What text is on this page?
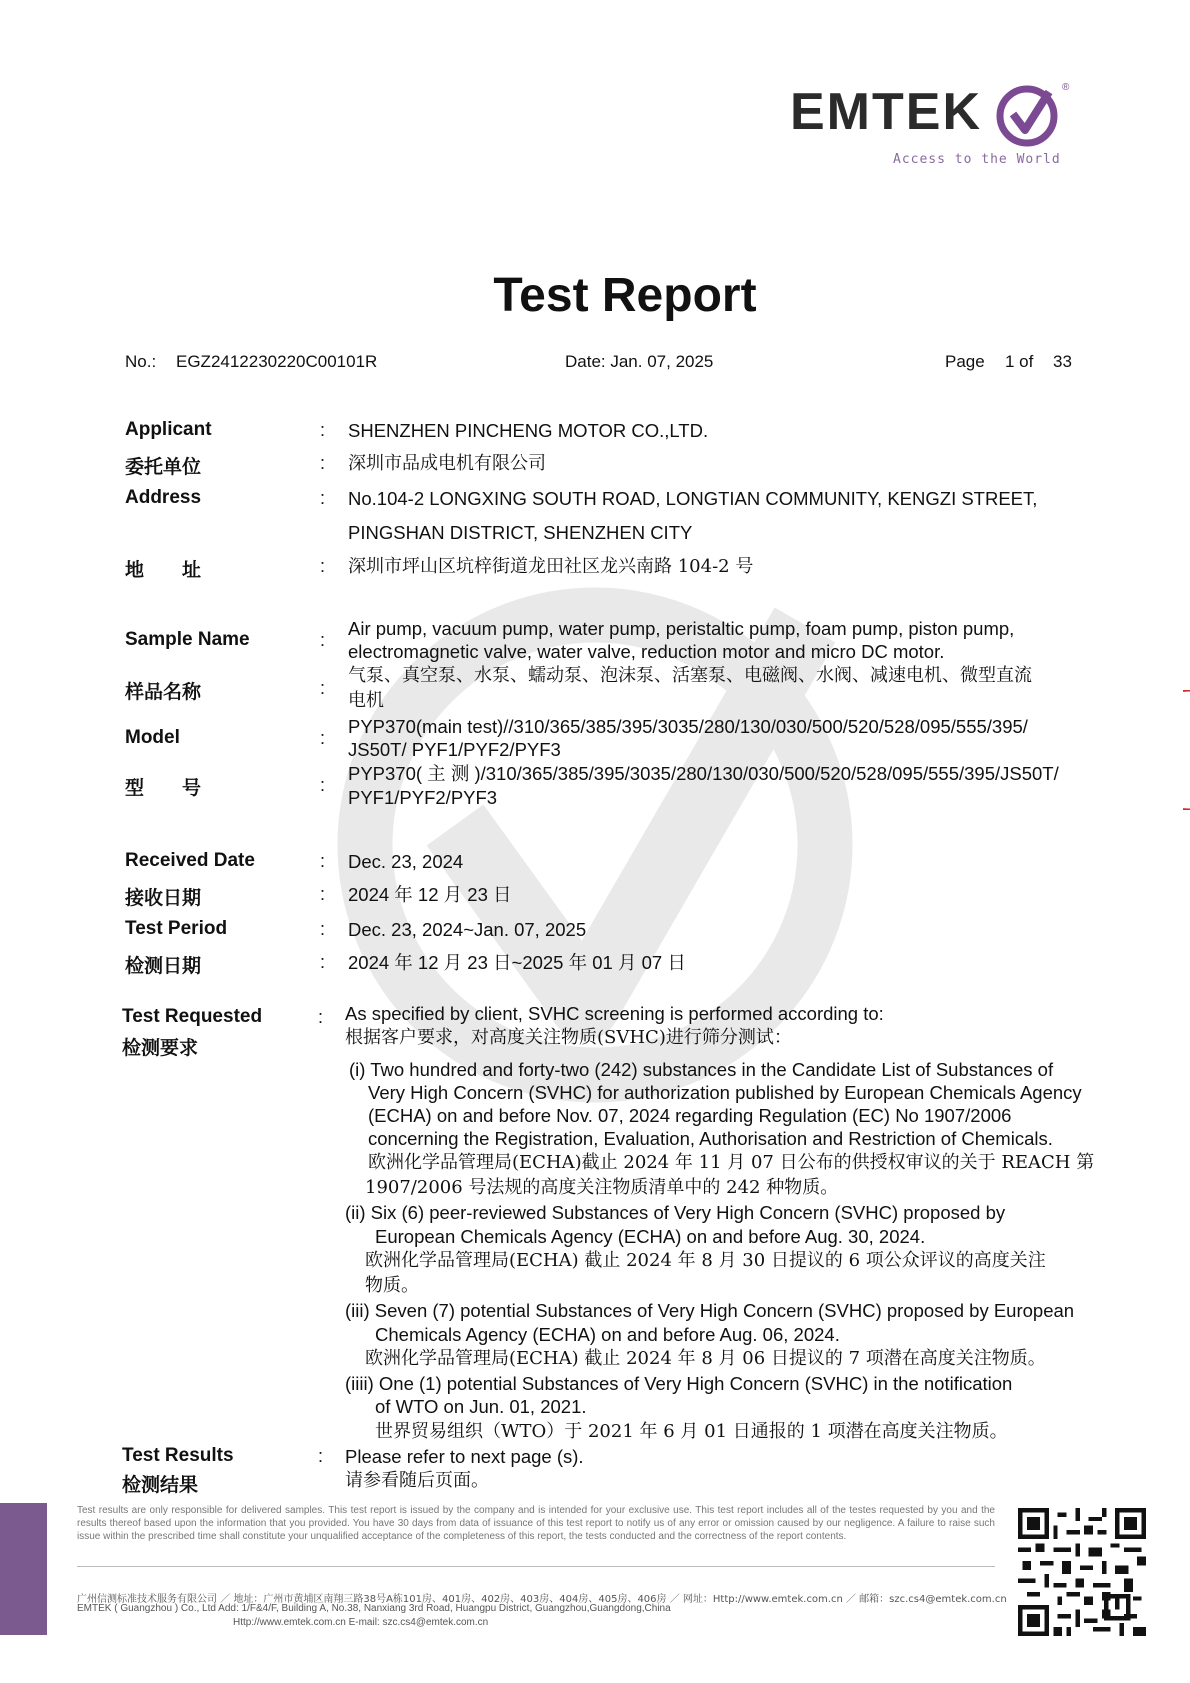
EMTEK	®
Access to the World
Test Report
No.: EGZ2412230220C00101R	Date: Jan. 07, 2025	Page 1 of 33
Applicant	: SHENZHEN PINCHENG MOTOR CO.,LTD.
委托单位	: 深圳市品成电机有限公司
Address	: No.104-2 LONGXING SOUTH ROAD, LONGTIAN COMMUNITY, KENGZI STREET,
PINGSHAN DISTRICT, SHENZHEN CITY
地　　址	: 深圳市坪山区坑梓街道龙田社区龙兴南路 104-2 号
Sample Name	:
Air pump, vacuum pump, water pump, peristaltic pump, foam pump, piston pump,
electromagnetic valve, water valve, reduction motor and micro DC motor.
样品名称	:
气泵、真空泵、水泵、蠕动泵、泡沫泵、活塞泵、电磁阀、水阀、减速电机、微型直流
电机
Model	:
PYP370(main test)//310/365/385/395/3035/280/130/030/500/520/528/095/555/395/
JS50T/ PYF1/PYF2/PYF3
型　　号	:
PYP370( 主 测 )/310/365/385/395/3035/280/130/030/500/520/528/095/555/395/JS50T/
PYF1/PYF2/PYF3
Received Date	: Dec. 23, 2024
接收日期	: 2024 年 12 月 23 日
Test Period	: Dec. 23, 2024~Jan. 07, 2025
检测日期	: 2024 年 12 月 23 日~2025 年 01 月 07 日
Test Requested
检测要求
: As specified by client, SVHC screening is performed according to:
根据客户要求，对高度关注物质(SVHC)进行筛分测试：
(i) Two hundred and forty-two (242) substances in the Candidate List of Substances of
Very High Concern (SVHC) for authorization published by European Chemicals Agency
(ECHA) on and before Nov. 07, 2024 regarding Regulation (EC) No 1907/2006
concerning the Registration, Evaluation, Authorisation and Restriction of Chemicals.
欧洲化学品管理局(ECHA)截止 2024 年 11 月 07 日公布的供授权审议的关于 REACH 第
1907/2006 号法规的高度关注物质清单中的 242 种物质。
(ii) Six (6) peer-reviewed Substances of Very High Concern (SVHC) proposed by
European Chemicals Agency (ECHA) on and before Aug. 30, 2024.
欧洲化学品管理局(ECHA) 截止 2024 年 8 月 30 日提议的 6 项公众评议的高度关注
物质。
(iii) Seven (7) potential Substances of Very High Concern (SVHC) proposed by European
Chemicals Agency (ECHA) on and before Aug. 06, 2024.
欧洲化学品管理局(ECHA) 截止 2024 年 8 月 06 日提议的 7 项潜在高度关注物质。
(iiii) One (1) potential Substances of Very High Concern (SVHC) in the notification
of WTO on Jun. 01, 2021.
世界贸易组织（WTO）于 2021 年 6 月 01 日通报的 1 项潜在高度关注物质。
Test Results
检测结果
: Please refer to next page (s).
请参看随后页面。
Test results are only responsible for delivered samples. This test report is issued by the company and is intended for your exclusive use. This test report includes all of the testes requested by you and the results thereof based upon the information that you provided. You have 30 days from data of issuance of this test report to notify us of any error or omission caused by our negligence. A failure to raise such issue within the prescribed time shall constitute your unqualified acceptance of the completeness of this report, the tests conducted and the correctness of the report contents.
广州信测标准技术服务有限公司 ／ 地址：广州市黄埔区南翔三路38号A栋101房、401房、402房、403房、404房、405房、406房 ／ 网址：Http://www.emtek.com.cn ／ 邮箱：szc.cs4@emtek.com.cn
EMTEK ( Guangzhou ) Co., Ltd Add: 1/F&4/F, Building A, No.38, Nanxiang 3rd Road, Huangpu District, Guangzhou,Guangdong,China
Http://www.emtek.com.cn E-mail: szc.cs4@emtek.com.cn
